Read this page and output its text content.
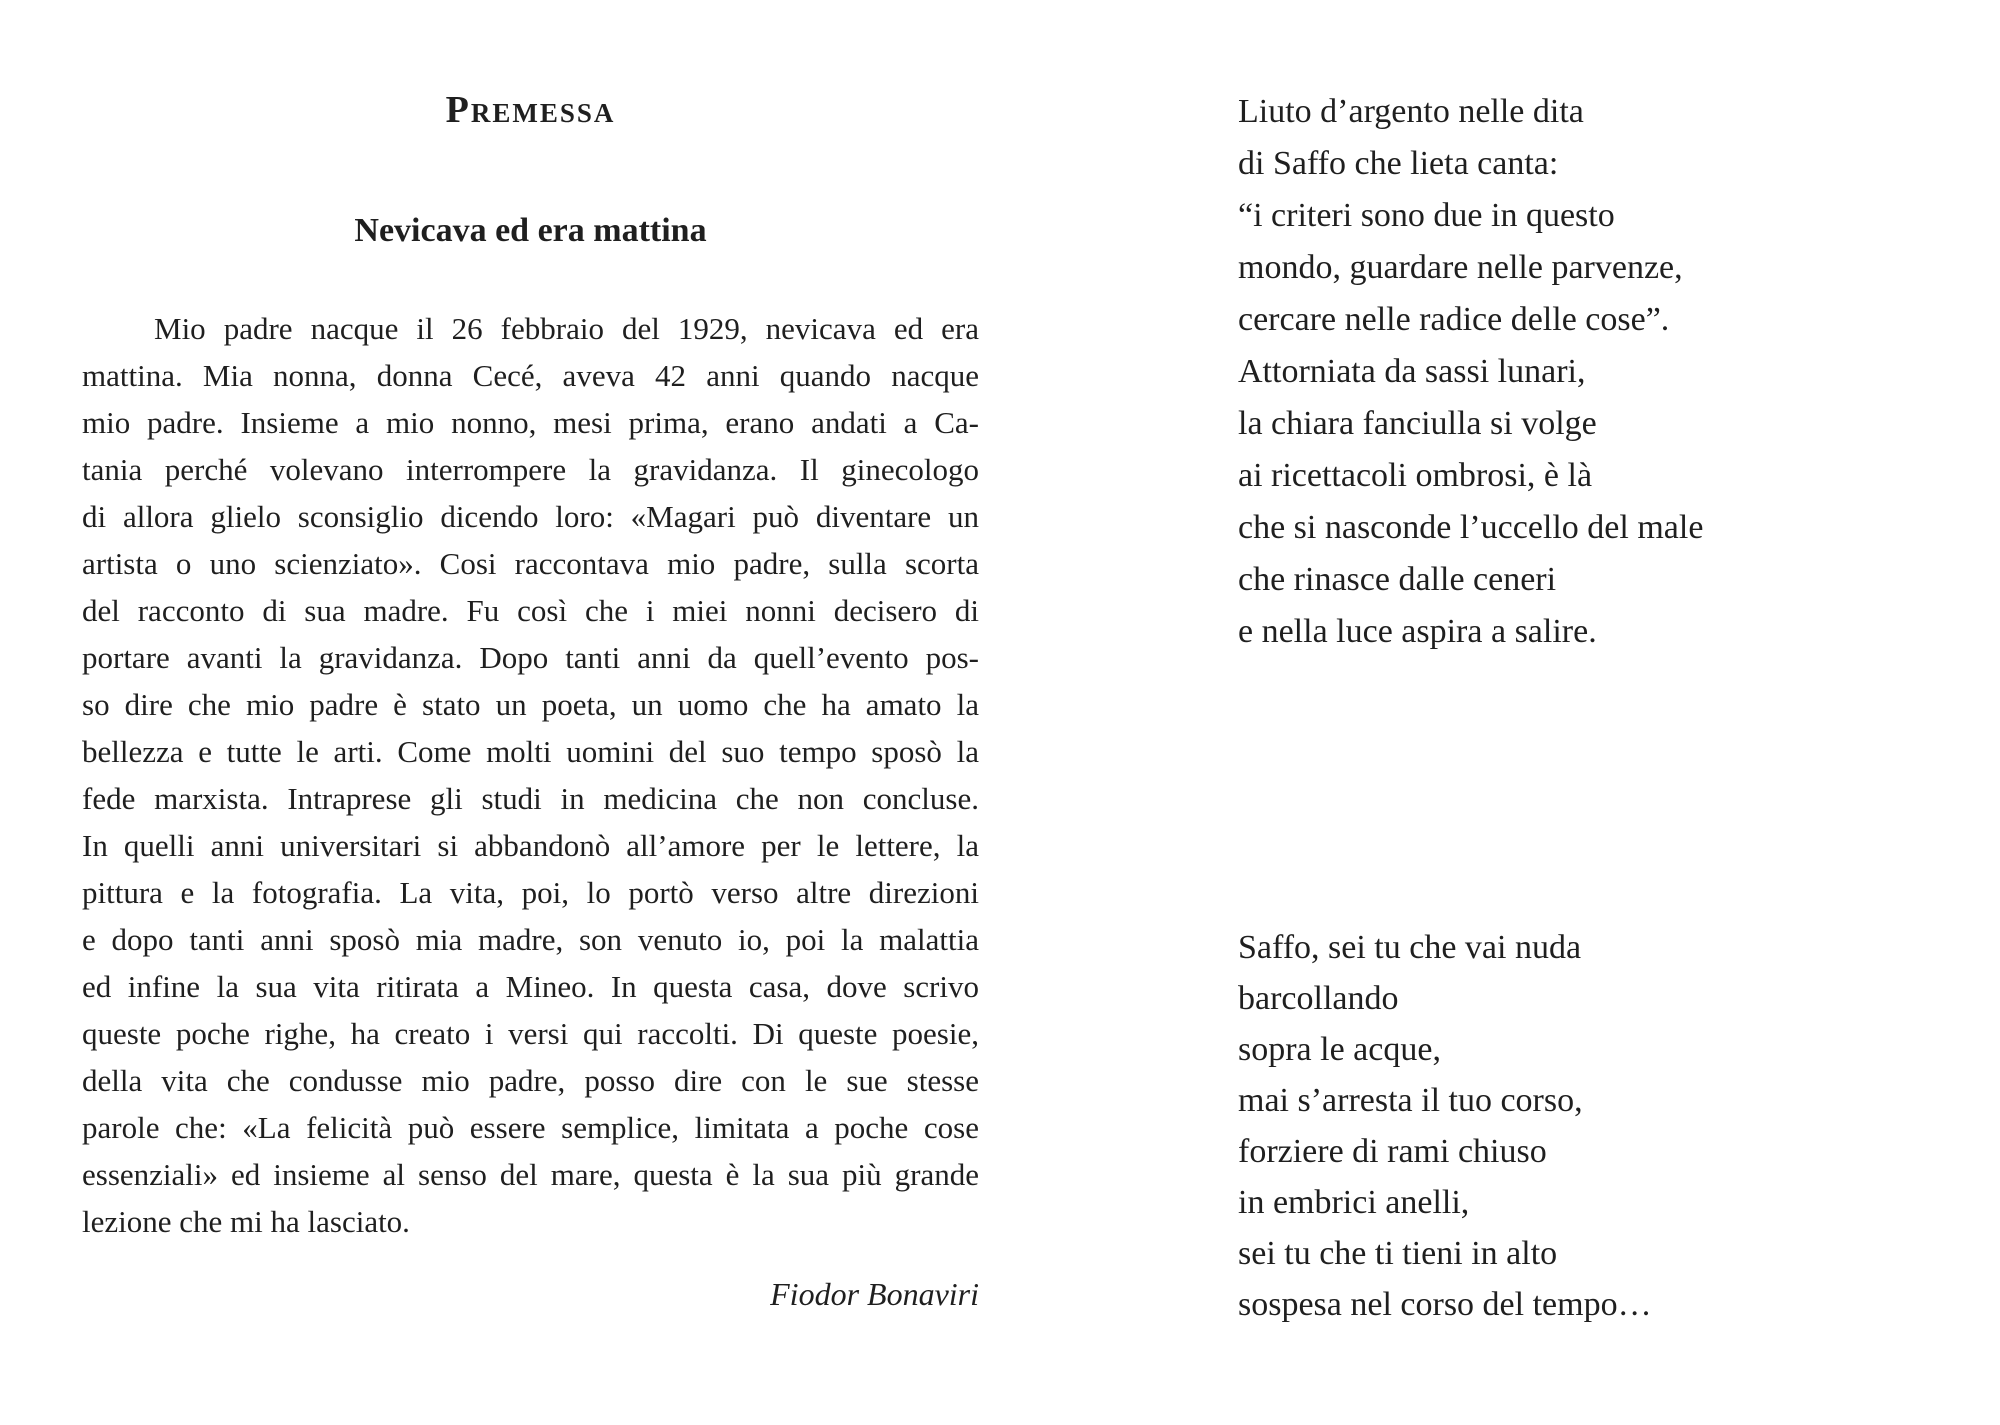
Premessa
Nevicava ed era mattina
Mio padre nacque il 26 febbraio del 1929, nevicava ed era
mattina. Mia nonna, donna Cecé, aveva 42 anni quando nacque
mio padre. Insieme a mio nonno, mesi prima, erano andati a Ca-
tania perché volevano interrompere la gravidanza. Il ginecologo
di allora glielo sconsiglio dicendo loro: «Magari può diventare un
artista o uno scienziato». Cosi raccontava mio padre, sulla scorta
del racconto di sua madre. Fu così che i miei nonni decisero di
portare avanti la gravidanza. Dopo tanti anni da quell’evento pos-
so dire che mio padre è stato un poeta, un uomo che ha amato la
bellezza e tutte le arti. Come molti uomini del suo tempo sposò la
fede marxista. Intraprese gli studi in medicina che non concluse.
In quelli anni universitari si abbandonò all’amore per le lettere, la
pittura e la fotografia. La vita, poi, lo portò verso altre direzioni
e dopo tanti anni sposò mia madre, son venuto io, poi la malattia
ed infine la sua vita ritirata a Mineo. In questa casa, dove scrivo
queste poche righe, ha creato i versi qui raccolti. Di queste poesie,
della vita che condusse mio padre, posso dire con le sue stesse
parole che: «La felicità può essere semplice, limitata a poche cose
essenziali» ed insieme al senso del mare, questa è la sua più grande
lezione che mi ha lasciato.
Fiodor Bonaviri
Liuto d’argento nelle dita
di Saffo che lieta canta:
“i criteri sono due in questo
mondo, guardare nelle parvenze,
cercare nelle radice delle cose”.
Attorniata da sassi lunari,
la chiara fanciulla si volge
ai ricettacoli ombrosi, è là
che si nasconde l’uccello del male
che rinasce dalle ceneri
e nella luce aspira a salire.
Saffo, sei tu che vai nuda
barcollando
sopra le acque,
mai s’arresta il tuo corso,
forziere di rami chiuso
in embrici anelli,
sei tu che ti tieni in alto
sospesa nel corso del tempo…
